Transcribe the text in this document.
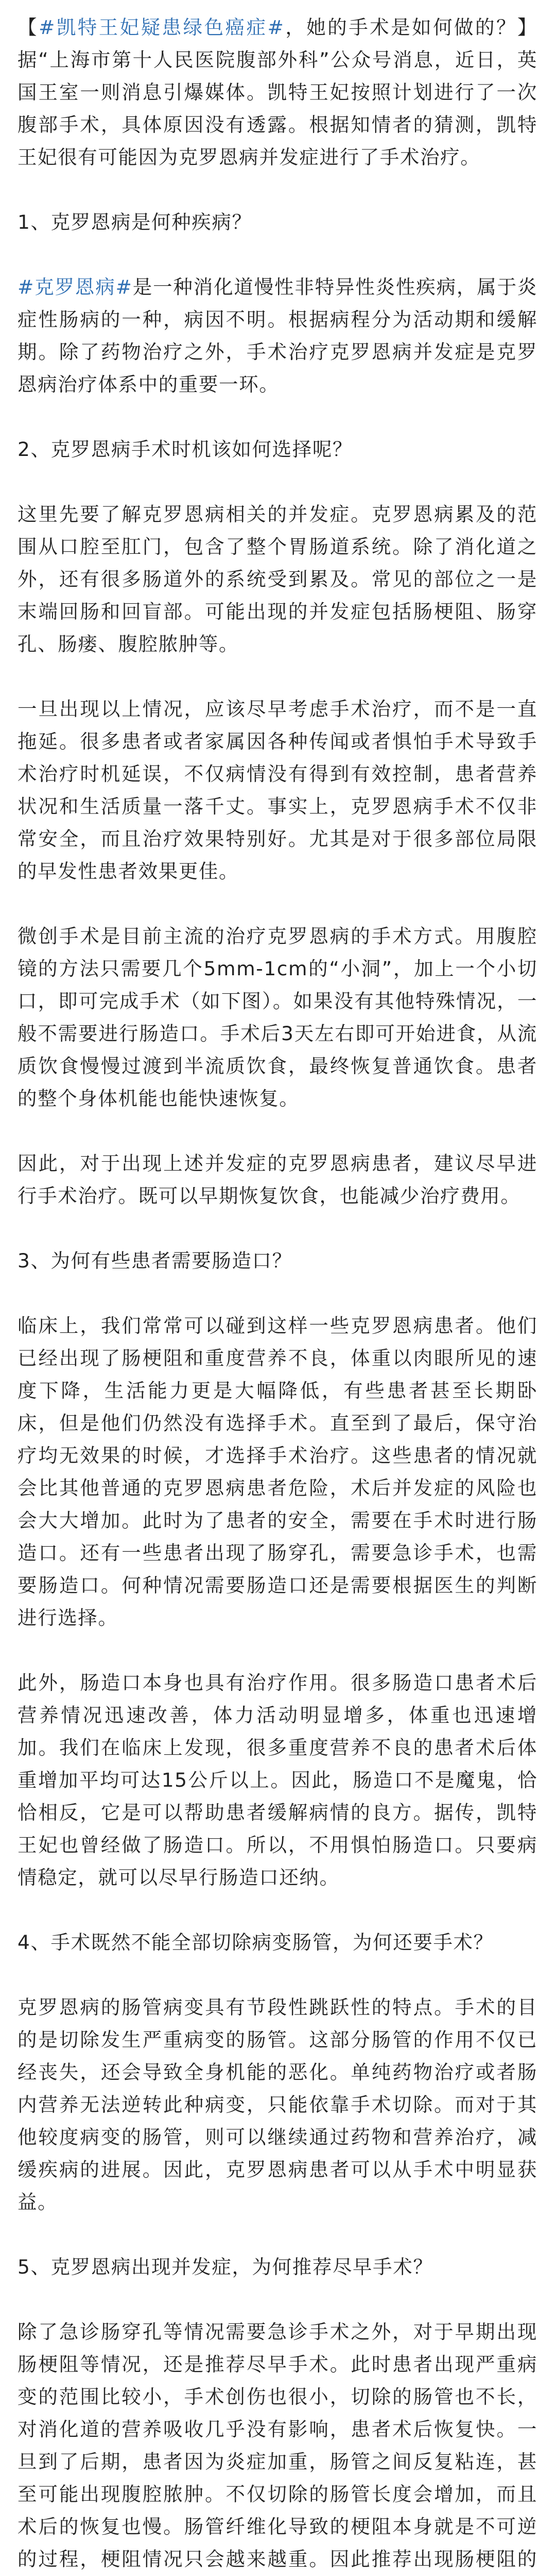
【#凯特王妃疑患绿色癌症#，她的手术是如何做的？】据“上海市第十人民医院腹部外科”公众号消息，近日，英国王室一则消息引爆媒体。凯特王妃按照计划进行了一次腹部手术，具体原因没有透露。根据知情者的猜测，凯特王妃很有可能因为克罗恩病并发症进行了手术治疗。

1、克罗恩病是何种疾病？

#克罗恩病#是一种消化道慢性非特异性炎性疾病，属于炎症性肠病的一种，病因不明。根据病程分为活动期和缓解期。除了药物治疗之外，手术治疗克罗恩病并发症是克罗恩病治疗体系中的重要一环。

2、克罗恩病手术时机该如何选择呢？

这里先要了解克罗恩病相关的并发症。克罗恩病累及的范围从口腔至肛门，包含了整个胃肠道系统。除了消化道之外，还有很多肠道外的系统受到累及。常见的部位之一是末端回肠和回盲部。可能出现的并发症包括肠梗阻、肠穿孔、肠瘘、腹腔脓肿等。

一旦出现以上情况，应该尽早考虑手术治疗，而不是一直拖延。很多患者或者家属因各种传闻或者惧怕手术导致手术治疗时机延误，不仅病情没有得到有效控制，患者营养状况和生活质量一落千丈。事实上，克罗恩病手术不仅非常安全，而且治疗效果特别好。尤其是对于很多部位局限的早发性患者效果更佳。

微创手术是目前主流的治疗克罗恩病的手术方式。用腹腔镜的方法只需要几个5mm-1cm的“小洞”，加上一个小切口，即可完成手术（如下图）。如果没有其他特殊情况，一般不需要进行肠造口。手术后3天左右即可开始进食，从流质饮食慢慢过渡到半流质饮食，最终恢复普通饮食。患者的整个身体机能也能快速恢复。

因此，对于出现上述并发症的克罗恩病患者，建议尽早进行手术治疗。既可以早期恢复饮食，也能减少治疗费用。

3、为何有些患者需要肠造口？

临床上，我们常常可以碰到这样一些克罗恩病患者。他们已经出现了肠梗阻和重度营养不良，体重以肉眼所见的速度下降，生活能力更是大幅降低，有些患者甚至长期卧床，但是他们仍然没有选择手术。直至到了最后，保守治疗均无效果的时候，才选择手术治疗。这些患者的情况就会比其他普通的克罗恩病患者危险，术后并发症的风险也会大大增加。此时为了患者的安全，需要在手术时进行肠造口。还有一些患者出现了肠穿孔，需要急诊手术，也需要肠造口。何种情况需要肠造口还是需要根据医生的判断进行选择。

此外，肠造口本身也具有治疗作用。很多肠造口患者术后营养情况迅速改善，体力活动明显增多，体重也迅速增加。我们在临床上发现，很多重度营养不良的患者术后体重增加平均可达15公斤以上。因此，肠造口不是魔鬼，恰恰相反，它是可以帮助患者缓解病情的良方。据传，凯特王妃也曾经做了肠造口。所以，不用惧怕肠造口。只要病情稳定，就可以尽早行肠造口还纳。

4、手术既然不能全部切除病变肠管，为何还要手术？

克罗恩病的肠管病变具有节段性跳跃性的特点。手术的目的是切除发生严重病变的肠管。这部分肠管的作用不仅已经丧失，还会导致全身机能的恶化。单纯药物治疗或者肠内营养无法逆转此种病变，只能依靠手术切除。而对于其他较度病变的肠管，则可以继续通过药物和营养治疗，减缓疾病的进展。因此，克罗恩病患者可以从手术中明显获益。

5、克罗恩病出现并发症，为何推荐尽早手术？

除了急诊肠穿孔等情况需要急诊手术之外，对于早期出现肠梗阻等情况，还是推荐尽早手术。此时患者出现严重病变的范围比较小，手术创伤也很小，切除的肠管也不长，对消化道的营养吸收几乎没有影响，患者术后恢复快。一旦到了后期，患者因为炎症加重，肠管之间反复粘连，甚至可能出现腹腔脓肿。不仅切除的肠管长度会增加，而且术后的恢复也慢。肠管纤维化导致的梗阻本身就是不可逆的过程，梗阻情况只会越来越重。因此推荐出现肠梗阻的
